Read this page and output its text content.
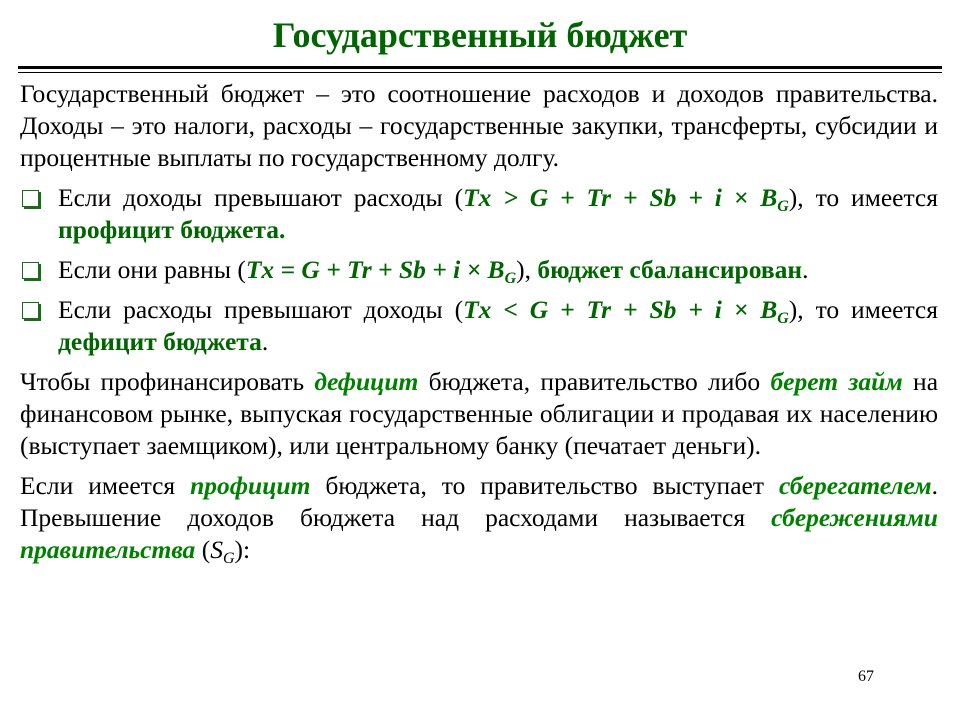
Государственный бюджет

Государственный бюджет – это соотношение расходов и доходов правительства. Доходы – это налоги, расходы – государственные закупки, трансферты, субсидии и процентные выплаты по государственному долгу.

Если доходы превышают расходы $(Tx > G + Tr + Sb + i \times B_G)$, то имеется профицит бюджета.

Если они равны $(Tx = G + Tr + Sb + i \times B_G)$, бюджет сбалансирован.

Если расходы превышают доходы $(Tx < G + Tr + Sb + i \times B_G)$, то имеется дефицит бюджета.

Чтобы профинансировать дефицит бюджета, правительство либо берет займ на финансовом рынке, выпуская государственные облигации и продавая их населению (выступает заемщиком), или центральному банку (печатает деньги).

Если имеется профицит бюджета, то правительство выступает сберегателем. Превышение доходов бюджета над расходами называется сбережениями правительства $(S_G)$:

67
